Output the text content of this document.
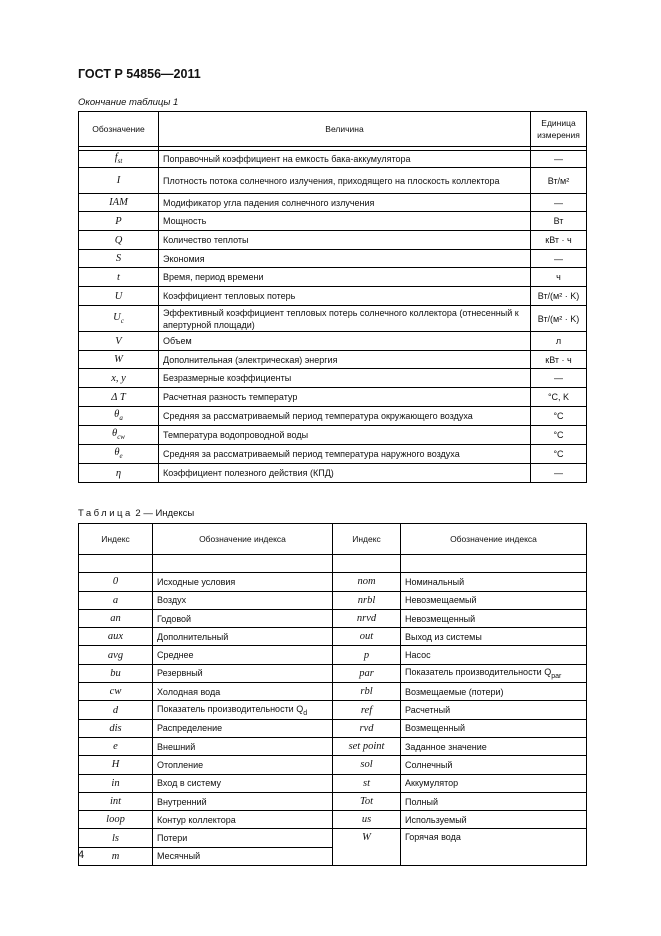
ГОСТ Р 54856—2011
Окончание таблицы 1
Обозначение	Величина	Единица измерения

$f_{st}$	Поправочный коэффициент на емкость бака-аккумулятора	—
I	Плотность потока солнечного излучения, приходящего на плоскость коллектора	Вт/м²
IAM	Модификатор угла падения солнечного излучения	—
P	Мощность	Вт
Q	Количество теплоты	кВт · ч
S	Экономия	—
t	Время, период времени	ч
U	Коэффициент тепловых потерь	Вт/(м² · K)
$U_c$	Эффективный коэффициент тепловых потерь солнечного коллектора (отнесенный к апертурной площади)	Вт/(м² · K)
V	Объем	л
W	Дополнительная (электрическая) энергия	кВт · ч
x, y	Безразмерные коэффициенты	—
Δ T	Расчетная разность температур	°C, K
$\theta_a$	Средняя за рассматриваемый период температура окружающего воздуха	°C
$\theta_{cw}$	Температура водопроводной воды	°C
$\theta_e$	Средняя за рассматриваемый период температура наружного воздуха	°C
η	Коэффициент полезного действия (КПД)	—
Таблица 2 — Индексы
Индекс	Обозначение индекса	Индекс	Обозначение индекса

0	Исходные условия	nom	Номинальный
a	Воздух	nrbl	Невозмещаемый
an	Годовой	nrvd	Невозмещенный
aux	Дополнительный	out	Выход из системы
avg	Среднее	p	Насос
bu	Резервный	par	Показатель производительности $Q_{par}$
cw	Холодная вода	rbl	Возмещаемые (потери)
d	Показатель производительности $Q_d$	ref	Расчетный
dis	Распределение	rvd	Возмещенный
e	Внешний	set point	Заданное значение
H	Отопление	sol	Солнечный
in	Вход в систему	st	Аккумулятор
int	Внутренний	Tot	Полный
loop	Контур коллектора	us	Используемый
ls	Потери	W	Горячая вода
m	Месячный		
4
